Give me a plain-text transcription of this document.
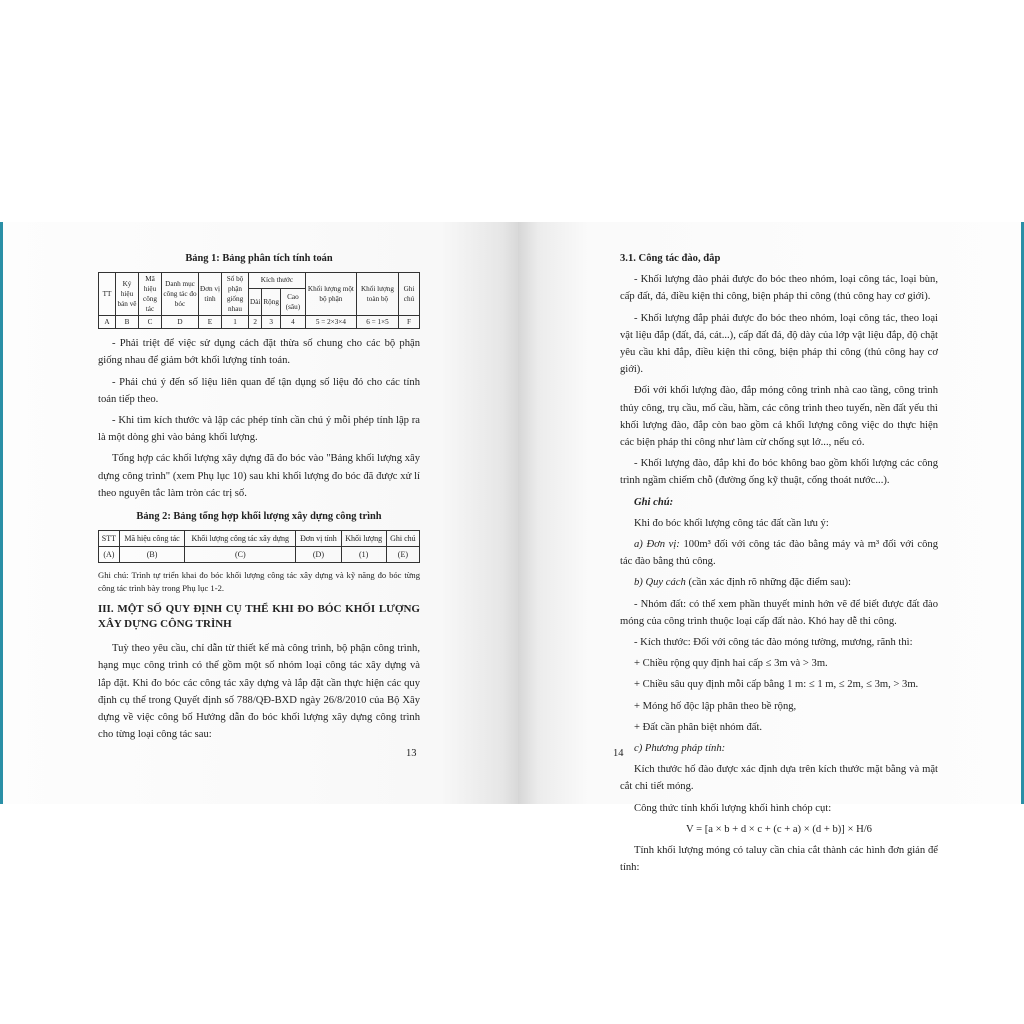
Bảng 1: Bảng phân tích tính toán
TT	Ký hiệu bản vẽ	Mã hiệu công tác	Danh mục công tác đo bóc	Đơn vị tính	Số bộ phận giống nhau	Kích thước			Khối lượng một bộ phận	Khối lượng toàn bộ	Ghi chú
						Dài	Rộng	Cao (sâu)			
A	B	C	D	E	1	2	3	4	5 = 2×3×4	6 = 1×5	F

- Phải triệt để việc sử dụng cách đặt thừa số chung cho các bộ phận giống nhau để giảm bớt khối lượng tính toán.

- Phải chú ý đến số liệu liên quan để tận dụng số liệu đó cho các tính toán tiếp theo.

- Khi tìm kích thước và lập các phép tính cần chú ý mỗi phép tính lập ra là một dòng ghi vào bảng khối lượng.

Tổng hợp các khối lượng xây dựng đã đo bóc vào "Bảng khối lượng xây dựng công trình" (xem Phụ lục 10) sau khi khối lượng đo bóc đã được xử lí theo nguyên tắc làm tròn các trị số.

Bảng 2: Bảng tổng hợp khối lượng xây dựng công trình
STT	Mã hiệu công tác	Khối lượng công tác xây dựng	Đơn vị tính	Khối lượng	Ghi chú
(A)	(B)	(C)	(D)	(1)	(E)

Ghi chú: Trình tự triển khai đo bóc khối lượng công tác xây dựng và kỹ năng đo bóc từng công tác trình bày trong Phụ lục 1-2.

III. MỘT SỐ QUY ĐỊNH CỤ THỂ KHI ĐO BÓC KHỐI LƯỢNG XÂY DỰNG CÔNG TRÌNH

Tuỳ theo yêu cầu, chỉ dẫn từ thiết kế mà công trình, bộ phận công trình, hạng mục công trình có thể gồm một số nhóm loại công tác xây dựng và lắp đặt. Khi đo bóc các công tác xây dựng và lắp đặt cần thực hiện các quy định cụ thể trong Quyết định số 788/QĐ-BXD ngày 26/8/2010 của Bộ Xây dựng về việc công bố Hướng dẫn đo bóc khối lượng xây dựng công trình cho từng loại công tác sau:

13
3.1. Công tác đào, đắp

- Khối lượng đào phải được đo bóc theo nhóm, loại công tác, loại bùn, cấp đất, đá, điều kiện thi công, biện pháp thi công (thủ công hay cơ giới).

- Khối lượng đắp phải được đo bóc theo nhóm, loại công tác, theo loại vật liệu đắp (đất, đá, cát...), cấp đất đá, độ dày của lớp vật liệu đắp, độ chặt yêu cầu khi đắp, điều kiện thi công, biện pháp thi công (thủ công hay cơ giới).

Đối với khối lượng đào, đắp móng công trình nhà cao tầng, công trình thủy công, trụ cầu, mố cầu, hầm, các công trình theo tuyến, nền đất yếu thì khối lượng đào, đắp còn bao gồm cả khối lượng công việc do thực hiện các biện pháp thi công như làm cừ chống sụt lở..., nếu có.

- Khối lượng đào, đắp khi đo bóc không bao gồm khối lượng các công trình ngầm chiếm chỗ (đường ống kỹ thuật, cống thoát nước...).

Ghi chú:

Khi đo bóc khối lượng công tác đất cần lưu ý:

a) Đơn vị: 100m³ đối với công tác đào bằng máy và m³ đối với công tác đào bằng thủ công.

b) Quy cách (cần xác định rõ những đặc điểm sau):

- Nhóm đất: có thể xem phần thuyết minh hớn vẽ để biết được đất đào móng của công trình thuộc loại cấp đất nào. Khó hay dễ thi công.

- Kích thước: Đối với công tác đào móng tường, mương, rãnh thì:

+ Chiều rộng quy định hai cấp ≤ 3m và > 3m.

+ Chiều sâu quy định mỗi cấp bằng 1 m: ≤ 1 m, ≤ 2m, ≤ 3m, > 3m.

+ Móng hố độc lập phân theo bề rộng,

+ Đất cần phân biệt nhóm đất.

c) Phương pháp tính:

Kích thước hố đào được xác định dựa trên kích thước mặt bằng và mặt cắt chi tiết móng.

Công thức tính khối lượng khối hình chóp cụt:

V = [a × b + d × c + (c + a) × (d + b)] × H/6

Tính khối lượng móng có taluy cần chia cắt thành các hình đơn giản để tính:

14
